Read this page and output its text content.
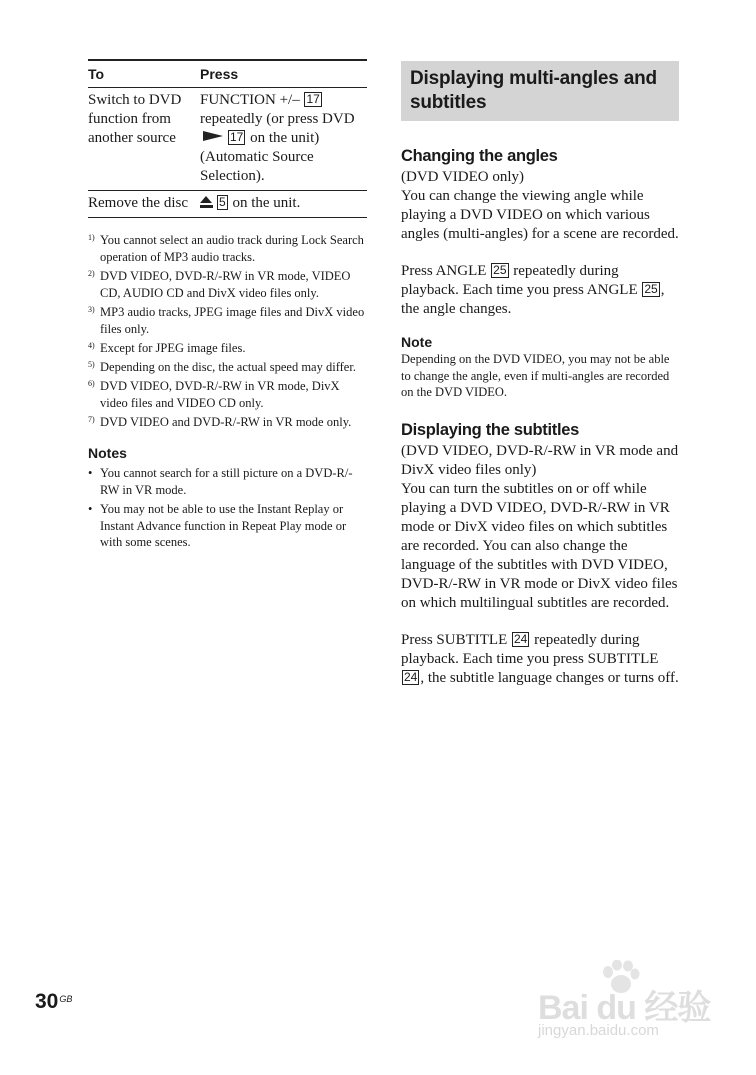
To	Press
Switch to DVD function from another source	FUNCTION +/– 17 repeatedly (or press DVD 17 on the unit) (Automatic Source Selection).
Remove the disc	5 on the unit.
1) You cannot select an audio track during Lock Search operation of MP3 audio tracks.
2) DVD VIDEO, DVD-R/-RW in VR mode, VIDEO CD, AUDIO CD and DivX video files only.
3) MP3 audio tracks, JPEG image files and DivX video files only.
4) Except for JPEG image files.
5) Depending on the disc, the actual speed may differ.
6) DVD VIDEO, DVD-R/-RW in VR mode, DivX video files and VIDEO CD only.
7) DVD VIDEO and DVD-R/-RW in VR mode only.
Notes
• You cannot search for a still picture on a DVD-R/-RW in VR mode.
• You may not be able to use the Instant Replay or Instant Advance function in Repeat Play mode or with some scenes.
Displaying multi-angles and subtitles
Changing the angles
(DVD VIDEO only)
You can change the viewing angle while playing a DVD VIDEO on which various angles (multi-angles) for a scene are recorded.
Press ANGLE 25 repeatedly during playback. Each time you press ANGLE 25 , the angle changes.
Note
Depending on the DVD VIDEO, you may not be able to change the angle, even if multi-angles are recorded on the DVD VIDEO.
Displaying the subtitles
(DVD VIDEO, DVD-R/-RW in VR mode and DivX video files only)
You can turn the subtitles on or off while playing a DVD VIDEO, DVD-R/-RW in VR mode or DivX video files on which subtitles are recorded. You can also change the language of the subtitles with DVD VIDEO, DVD-R/-RW in VR mode or DivX video files on which multilingual subtitles are recorded.
Press SUBTITLE 24 repeatedly during playback. Each time you press SUBTITLE 24 , the subtitle language changes or turns off.
$30^{GB}$	Bai du 经验
jingyan.baidu.com
